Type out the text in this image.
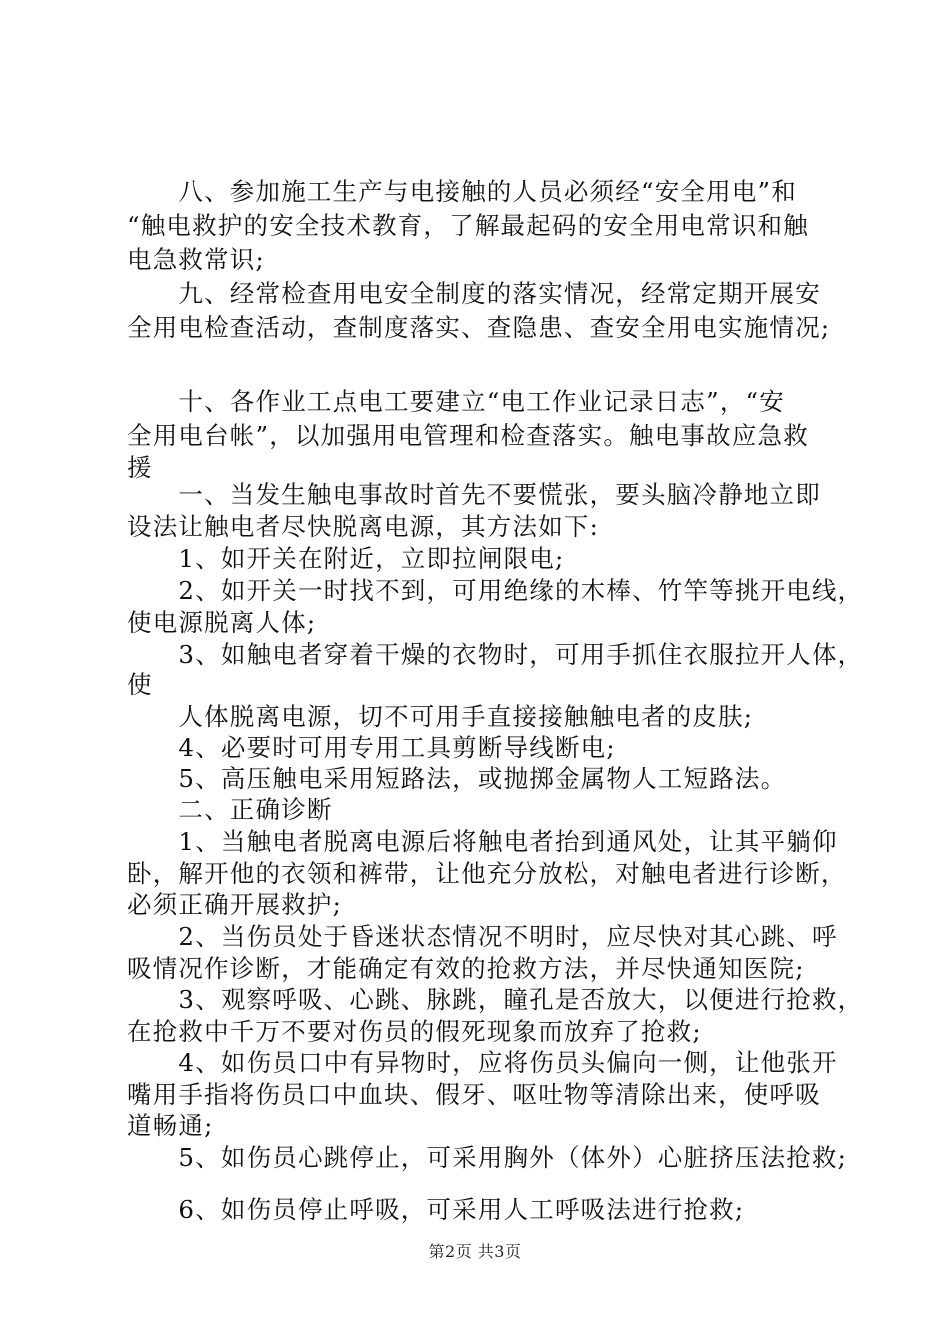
　　八、参加施工生产与电接触的人员必须经“安全用电”和
“触电救护的安全技术教育，了解最起码的安全用电常识和触
电急救常识;
　　九、经常检查用电安全制度的落实情况，经常定期开展安
全用电检查活动，查制度落实、查隐患、查安全用电实施情况;
　　十、各作业工点电工要建立“电工作业记录日志”，“安
全用电台帐”，以加强用电管理和检查落实。触电事故应急救
援
　　一、当发生触电事故时首先不要慌张，要头脑冷静地立即
设法让触电者尽快脱离电源，其方法如下:
　　1、如开关在附近，立即拉闸限电;
　　2、如开关一时找不到，可用绝缘的木棒、竹竿等挑开电线，
使电源脱离人体;
　　3、如触电者穿着干燥的衣物时，可用手抓住衣服拉开人体，
使
　　人体脱离电源，切不可用手直接接触触电者的皮肤;
　　4、必要时可用专用工具剪断导线断电;
　　5、高压触电采用短路法，或抛掷金属物人工短路法。
　　二、正确诊断
　　1、当触电者脱离电源后将触电者抬到通风处，让其平躺仰
卧，解开他的衣领和裤带，让他充分放松，对触电者进行诊断，
必须正确开展救护;
　　2、当伤员处于昏迷状态情况不明时，应尽快对其心跳、呼
吸情况作诊断，才能确定有效的抢救方法，并尽快通知医院;
　　3、观察呼吸、心跳、脉跳，瞳孔是否放大，以便进行抢救，
在抢救中千万不要对伤员的假死现象而放弃了抢救;
　　4、如伤员口中有异物时，应将伤员头偏向一侧，让他张开
嘴用手指将伤员口中血块、假牙、呕吐物等清除出来，使呼吸
道畅通;
　　5、如伤员心跳停止，可采用胸外（体外）心脏挤压法抢救;
　　6、如伤员停止呼吸，可采用人工呼吸法进行抢救;
第2页 共3页
